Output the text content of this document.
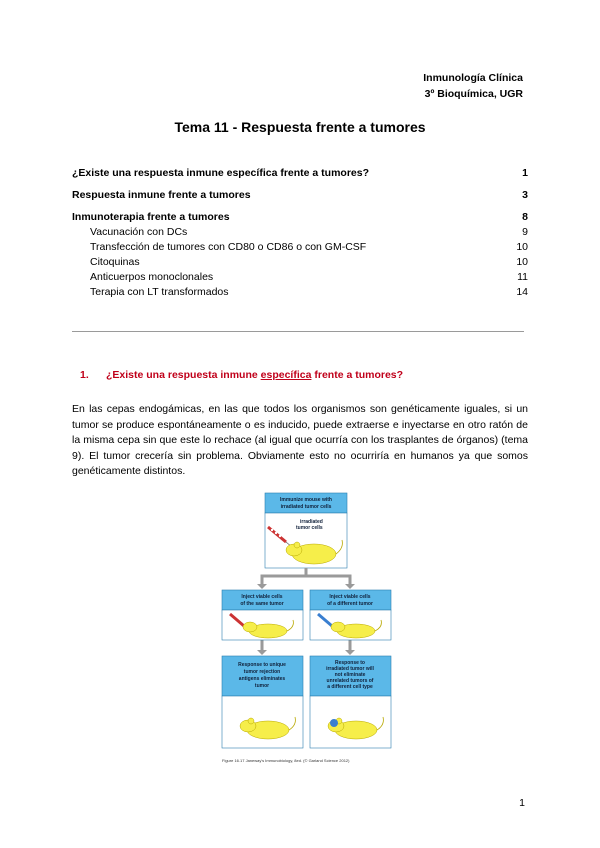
Inmunología Clínica
3º Bioquímica, UGR
Tema 11 - Respuesta frente a tumores
¿Existe una respuesta inmune específica frente a tumores?	1
Respuesta inmune frente a tumores	3
Inmunoterapia frente a tumores	8
Vacunación con DCs	9
Transfección de tumores con CD80 o CD86 o con GM-CSF	10
Citoquinas	10
Anticuerpos monoclonales	11
Terapia con LT transformados	14
1. ¿Existe una respuesta inmune específica frente a tumores?
En las cepas endogámicas, en las que todos los organismos son genéticamente iguales, si un tumor se produce espontáneamente o es inducido, puede extraerse e inyectarse en otro ratón de la misma cepa sin que este lo rechace (al igual que ocurría con los trasplantes de órganos) (tema 9). El tumor crecería sin problema. Obviamente esto no ocurriría en humanos ya que somos genéticamente distintos.
Immunize mouse with
irradiated tumor cells
irradiated
tumor cells
Inject viable cells
of the same tumor
Inject viable cells
of a different tumor
Response to unique
tumor rejection
antigens eliminates
tumor
Response to
irradiated tumor will
not eliminate
unrelated tumors of
a different cell type
Figure 16.17 Janeway's Immunobiology, 8ed. (© Garland Science 2012)
1
